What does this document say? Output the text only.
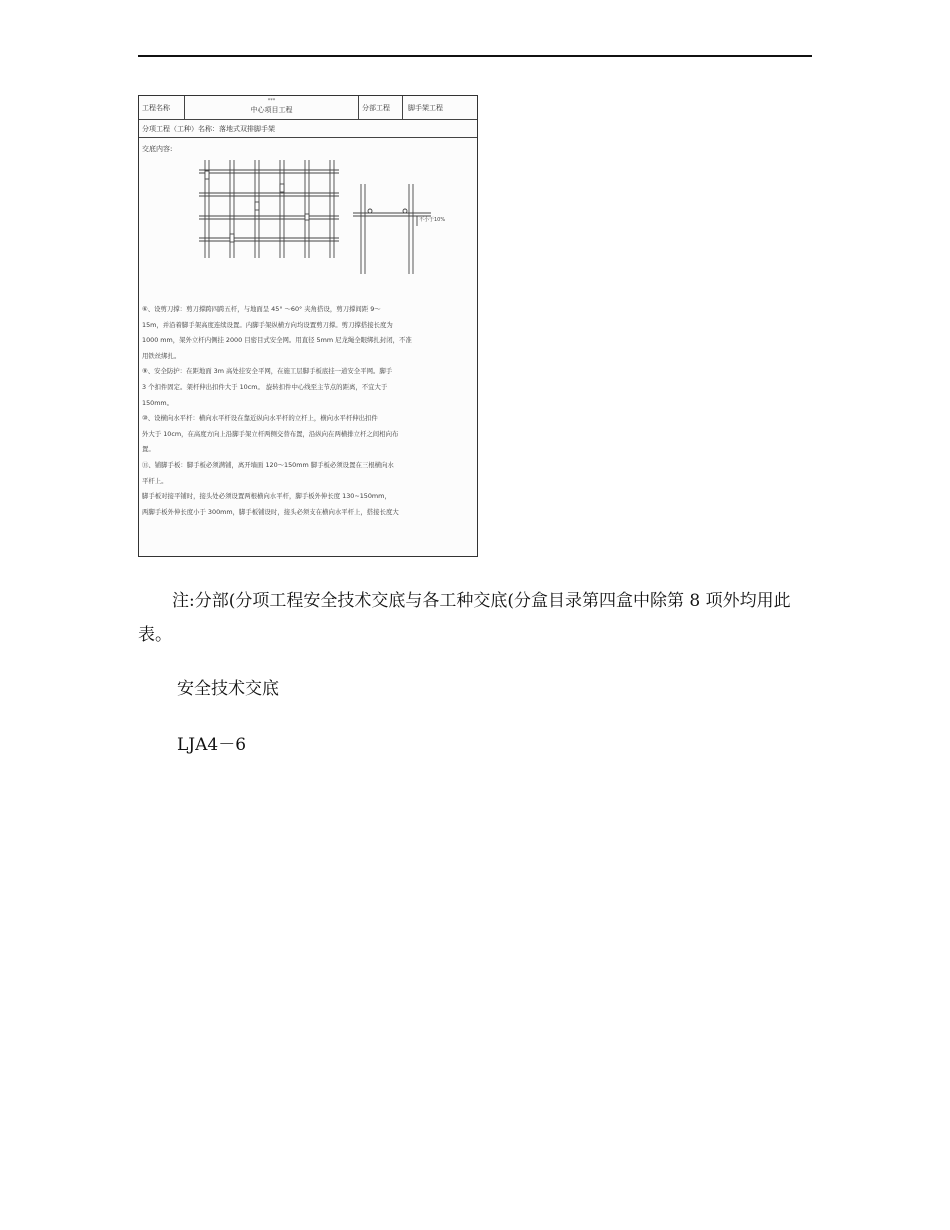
工程名称
***
中心项目工程	分部工程	脚手架工程
分项工程（工种）名称：落地式双排脚手架
交底内容:
不小于10%

⑥、设剪刀撑：剪刀撑跨四跨五杆，与地面呈 45° ～60° 夹角搭设，剪刀撑间距 9～

15m，并沿着脚手架高度连续设置。内脚手架纵横方向均设置剪刀撑。剪刀撑搭接长度为

1000 mm，架外立杆内侧挂 2000 目密目式安全网。用直径 5mm 尼龙绳全眼绑扎封闭，不准

用铁丝绑扎。

⑨、安全防护：在距地面 3m 高处挂安全平网，在施工层脚手板底挂一道安全平网。脚手

3 个扣件固定。架杆伸出扣件大于 10cm。 旋转扣件中心线至主节点的距离，不宜大于

150mm。

⑩、设横向水平杆：横向水平杆设在靠近纵向水平杆的立杆上，横向水平杆伸出扣件

外大于 10cm，在高度方向上沿脚手架立杆两侧交替布置，沿纵向在两横排立杆之间相向布

置。

⑪、铺脚手板：脚手板必须满铺，离开墙面 120～150mm 脚手板必须设置在三根横向水

平杆上。

脚手板对接平铺时，接头处必须设置两根横向水平杆，脚手板外伸长度 130~150mm，

两脚手板外伸长度小于 300mm，脚手板铺设时，接头必须支在横向水平杆上，搭接长度大

注:分部(分项工程安全技术交底与各工种交底(分盒目录第四盒中除第 8 项外均用此表。
安全技术交底
LJA4－6
